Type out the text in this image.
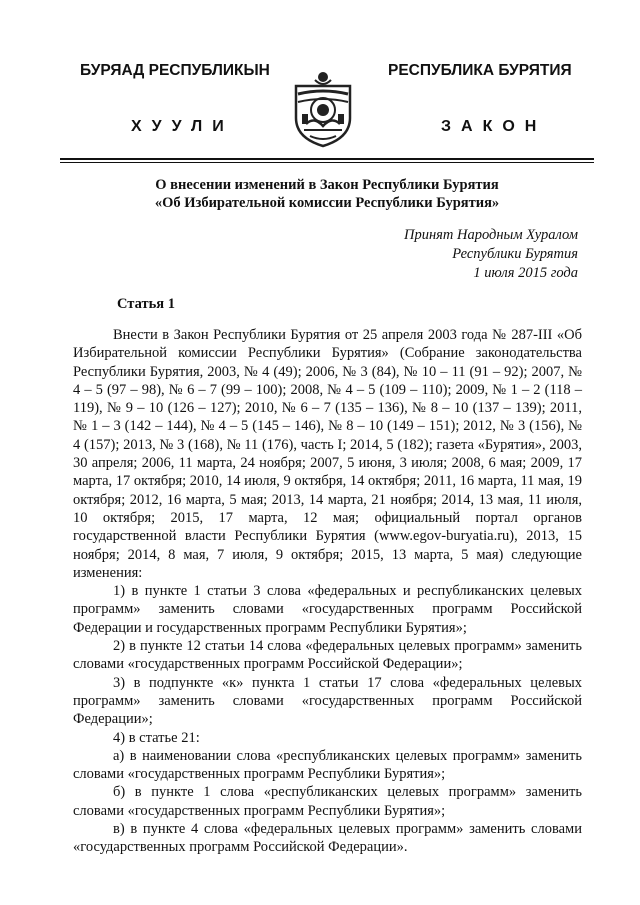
БУРЯАД РЕСПУБЛИКЫН
ХУУЛИ
РЕСПУБЛИКА БУРЯТИЯ
ЗАКОН
О внесении изменений в Закон Республики Бурятия
«Об Избирательной комиссии Республики Бурятия»
Принят Народным Хуралом
Республики Бурятия
1 июля 2015 года
Статья 1

Внести в Закон Республики Бурятия от 25 апреля 2003 года № 287-III «Об Избирательной комиссии Республики Бурятия» (Собрание законодательства Республики Бурятия, 2003, № 4 (49); 2006, № 3 (84), № 10 – 11 (91 – 92); 2007, № 4 – 5 (97 – 98), № 6 – 7 (99 – 100); 2008, № 4 – 5 (109 – 110); 2009, № 1 – 2 (118 – 119), № 9 – 10 (126 – 127); 2010, № 6 – 7 (135 – 136), № 8 – 10 (137 – 139); 2011, № 1 – 3 (142 – 144), № 4 – 5 (145 – 146), № 8 – 10 (149 – 151); 2012, № 3 (156), № 4 (157); 2013, № 3 (168), № 11 (176), часть I; 2014, 5 (182); газета «Бурятия», 2003, 30 апреля; 2006, 11 марта, 24 ноября; 2007, 5 июня, 3 июля; 2008, 6 мая; 2009, 17 марта, 17 октября; 2010, 14 июля, 9 октября, 14 октября; 2011, 16 марта, 11 мая, 19 октября; 2012, 16 марта, 5 мая; 2013, 14 марта, 21 ноября; 2014, 13 мая, 11 июля, 10 октября; 2015, 17 марта, 12 мая; официальный портал органов государственной власти Республики Бурятия (www.egov-buryatia.ru), 2013, 15 ноября; 2014, 8 мая, 7 июля, 9 октября; 2015, 13 марта, 5 мая) следующие изменения:

1) в пункте 1 статьи 3 слова «федеральных и республиканских целевых программ» заменить словами «государственных программ Российской Федерации и государственных программ Республики Бурятия»;

2) в пункте 12 статьи 14 слова «федеральных целевых программ» заменить словами «государственных программ Российской Федерации»;

3) в подпункте «к» пункта 1 статьи 17 слова «федеральных целевых программ» заменить словами «государственных программ Российской Федерации»;

4) в статье 21:

а) в наименовании слова «республиканских целевых программ» заменить словами «государственных программ Республики Бурятия»;

б) в пункте 1 слова «республиканских целевых программ» заменить словами «государственных программ Республики Бурятия»;

в) в пункте 4 слова «федеральных целевых программ» заменить словами «государственных программ Российской Федерации».
